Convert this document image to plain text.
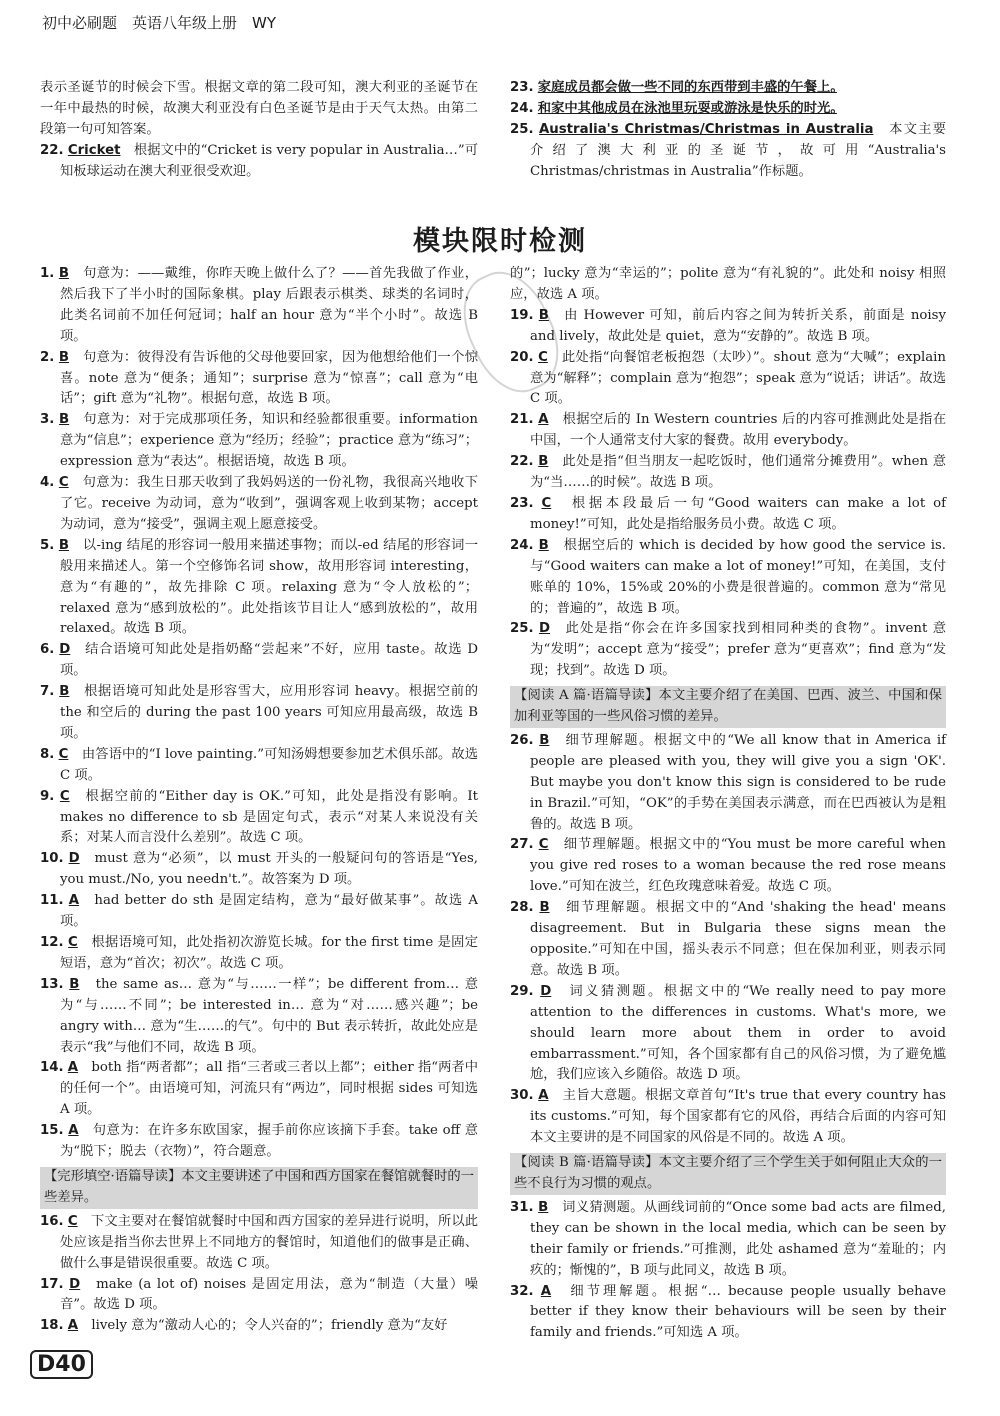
初中必刷题　英语八年级上册　WY

表示圣诞节的时候会下雪。根据文章的第二段可知，澳大利亚的圣诞节在一年中最热的时候，故澳大利亚没有白色圣诞节是由于天气太热。由第二段第一句可知答案。

22. Cricket　 根据文中的“Cricket is very popular in Australia…”可知板球运动在澳大利亚很受欢迎。

23. 家庭成员都会做一些不同的东西带到丰盛的午餐上。　

24. 和家中其他成员在泳池里玩耍或游泳是快乐的时光。　

25. Australia's Christmas/Christmas in Australia　 本文主要介绍了澳大利亚的圣诞节，故可用“Australia's Christmas/christmas in Australia”作标题。

模块限时检测

1. B　 句意为：——戴维，你昨天晚上做什么了？——首先我做了作业，然后我下了半小时的国际象棋。play 后跟表示棋类、球类的名词时，此类名词前不加任何冠词；half an hour 意为“半个小时”。故选 B 项。

2. B　 句意为：彼得没有告诉他的父母他要回家，因为他想给他们一个惊喜。note 意为“便条；通知”；surprise 意为“惊喜”；call 意为“电话”；gift 意为“礼物”。根据句意，故选 B 项。

3. B　 句意为：对于完成那项任务，知识和经验都很重要。information 意为“信息”；experience 意为“经历；经验”；practice 意为“练习”；expression 意为“表达”。根据语境，故选 B 项。

4. C　 句意为：我生日那天收到了我妈妈送的一份礼物，我很高兴地收下了它。receive 为动词，意为“收到”，强调客观上收到某物；accept 为动词，意为“接受”，强调主观上愿意接受。

5. B　 以-ing 结尾的形容词一般用来描述事物；而以-ed 结尾的形容词一般用来描述人。第一个空修饰名词 show，故用形容词 interesting，意为“有趣的”，故先排除 C 项。relaxing 意为“令人放松的”；relaxed 意为“感到放松的”。此处指该节目让人“感到放松的”，故用 relaxed。故选 B 项。

6. D　 结合语境可知此处是指奶酪“尝起来”不好，应用 taste。故选 D 项。

7. B　 根据语境可知此处是形容雪大，应用形容词 heavy。根据空前的 the 和空后的 during the past 100 years 可知应用最高级，故选 B 项。

8. C　 由答语中的“I love painting.”可知汤姆想要参加艺术俱乐部。故选 C 项。

9. C　 根据空前的“Either day is OK.”可知，此处是指没有影响。It makes no difference to sb 是固定句式，表示“对某人来说没有关系；对某人而言没什么差别”。故选 C 项。

10. D　 must 意为“必须”，以 must 开头的一般疑问句的答语是“Yes, you must./No, you needn't.”。故答案为 D 项。

11. A　 had better do sth 是固定结构，意为“最好做某事”。故选 A 项。

12. C　 根据语境可知，此处指初次游览长城。for the first time 是固定短语，意为“首次；初次”。故选 C 项。

13. B　 the same as… 意为“与……一样”；be different from… 意为“与……不同”；be interested in… 意为“对……感兴趣”；be angry with… 意为“生……的气”。句中的 But 表示转折，故此处应是表示“我”与他们不同，故选 B 项。

14. A　 both 指“两者都”；all 指“三者或三者以上都”；either 指“两者中的任何一个”。由语境可知，河流只有“两边”，同时根据 sides 可知选 A 项。

15. A　 句意为：在许多东欧国家，握手前你应该摘下手套。take off 意为“脱下；脱去（衣物）”，符合题意。

【完形填空·语篇导读】本文主要讲述了中国和西方国家在餐馆就餐时的一些差异。

16. C　 下文主要对在餐馆就餐时中国和西方国家的差异进行说明，所以此处应该是指当你去世界上不同地方的餐馆时，知道他们的做事是正确、做什么事是错误很重要。故选 C 项。

17. D　 make (a lot of) noises 是固定用法，意为“制造（大量）噪音”。故选 D 项。

18. A　 lively 意为“激动人心的；令人兴奋的”；friendly 意为“友好

的”；lucky 意为“幸运的”；polite 意为“有礼貌的”。此处和 noisy 相照应，故选 A 项。

19. B　 由 However 可知，前后内容之间为转折关系，前面是 noisy and lively，故此处是 quiet，意为“安静的”。故选 B 项。

20. C　 此处指“向餐馆老板抱怨（太吵）”。shout 意为“大喊”；explain 意为“解释”；complain 意为“抱怨”；speak 意为“说话；讲话”。故选 C 项。

21. A　 根据空后的 In Western countries 后的内容可推测此处是指在中国，一个人通常支付大家的餐费。故用 everybody。

22. B　 此处是指“但当朋友一起吃饭时，他们通常分摊费用”。when 意为“当……的时候”。故选 B 项。

23. C　 根据本段最后一句“Good waiters can make a lot of money!”可知，此处是指给服务员小费。故选 C 项。

24. B　 根据空后的 which is decided by how good the service is. 与“Good waiters can make a lot of money!”可知，在美国，支付账单的 10%，15%或 20%的小费是很普遍的。common 意为“常见的；普遍的”，故选 B 项。

25. D　 此处是指“你会在许多国家找到相同种类的食物”。invent 意为“发明”；accept 意为“接受”；prefer 意为“更喜欢”；find 意为“发现；找到”。故选 D 项。

【阅读 A 篇·语篇导读】本文主要介绍了在美国、巴西、波兰、中国和保加利亚等国的一些风俗习惯的差异。

26. B　 细节理解题。根据文中的“We all know that in America if people are pleased with you, they will give you a sign 'OK'. But maybe you don't know this sign is considered to be rude in Brazil.”可知，“OK”的手势在美国表示满意，而在巴西被认为是粗鲁的。故选 B 项。

27. C　 细节理解题。根据文中的“You must be more careful when you give red roses to a woman because the red rose means love.”可知在波兰，红色玫瑰意味着爱。故选 C 项。

28. B　 细节理解题。根据文中的“And 'shaking the head' means disagreement. But in Bulgaria these signs mean the opposite.”可知在中国，摇头表示不同意；但在保加利亚，则表示同意。故选 B 项。

29. D　 词义猜测题。根据文中的“We really need to pay more attention to the differences in customs. What's more, we should learn more about them in order to avoid embarrassment.”可知，各个国家都有自己的风俗习惯，为了避免尴尬，我们应该入乡随俗。故选 D 项。

30. A　 主旨大意题。根据文章首句“It's true that every country has its customs.”可知，每个国家都有它的风俗，再结合后面的内容可知本文主要讲的是不同国家的风俗是不同的。故选 A 项。

【阅读 B 篇·语篇导读】本文主要介绍了三个学生关于如何阻止大众的一些不良行为习惯的观点。

31. B　 词义猜测题。从画线词前的“Once some bad acts are filmed, they can be shown in the local media, which can be seen by their family or friends.”可推测，此处 ashamed 意为“羞耻的；内疚的；惭愧的”，B 项与此同义，故选 B 项。

32. A　 细节理解题。根据“… because people usually behave better if they know their behaviours will be seen by their family and friends.”可知选 A 项。

D40
